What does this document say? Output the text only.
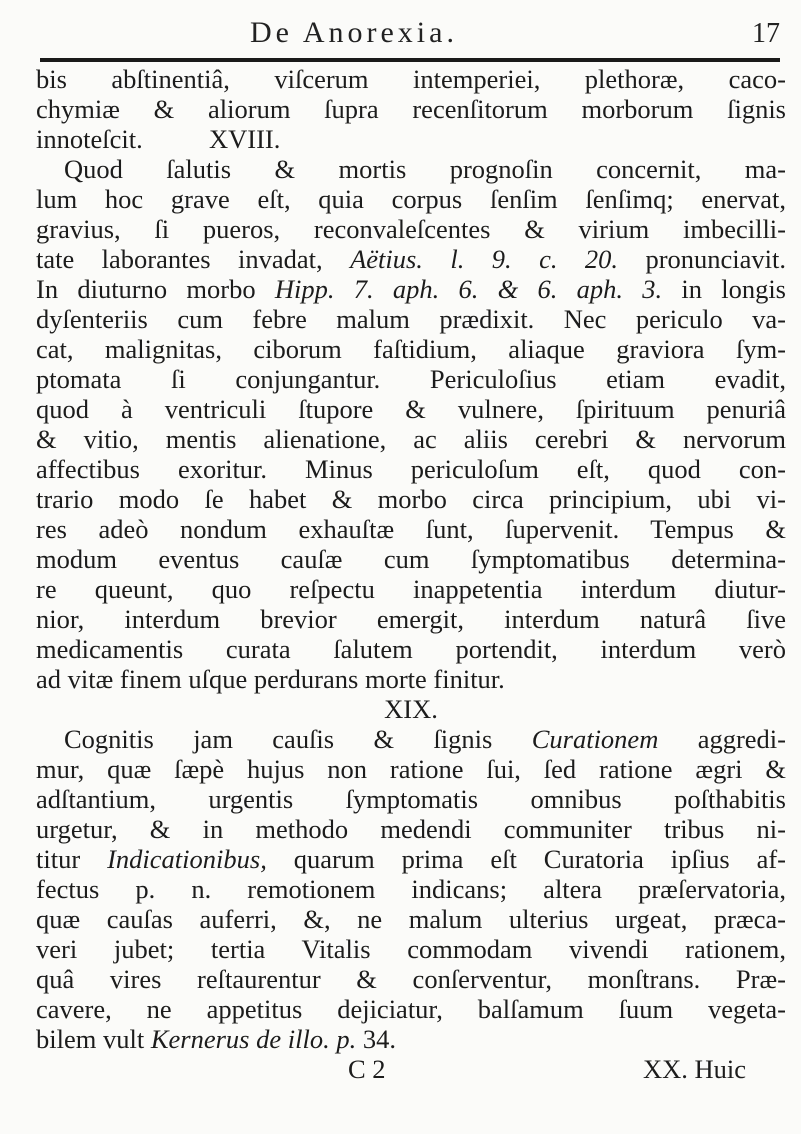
De Anorexia.	17
bis abſtinentiâ, viſcerum intemperiei, plethoræ, caco-
chymiæ & aliorum ſupra recenſitorum morborum ſignis
innoteſcit.          XVIII.
Quod ſalutis & mortis prognoſin concernit, ma-
lum hoc grave eſt, quia corpus ſenſim ſenſimq; enervat,
gravius, ſi pueros, reconvaleſcentes & virium imbecilli-
tate laborantes invadat, Aëtius. l. 9. c. 20. pronunciavit.
In diuturno morbo Hipp. 7. aph. 6. & 6. aph. 3. in longis
dyſenteriis cum febre malum prædixit. Nec periculo va-
cat, malignitas, ciborum faſtidium, aliaque graviora ſym-
ptomata ſi conjungantur. Periculoſius etiam evadit,
quod à ventriculi ſtupore & vulnere, ſpirituum penuriâ
& vitio, mentis alienatione, ac aliis cerebri & nervorum
affectibus exoritur. Minus periculoſum eſt, quod con-
trario modo ſe habet & morbo circa principium, ubi vi-
res adeò nondum exhauſtæ ſunt, ſupervenit. Tempus &
modum eventus cauſæ cum ſymptomatibus determina-
re queunt, quo reſpectu inappetentia interdum diutur-
nior, interdum brevior emergit, interdum naturâ ſive
medicamentis curata ſalutem portendit, interdum verò
ad vitæ finem uſque perdurans morte finitur.
XIX.
Cognitis jam cauſis & ſignis Curationem aggredi-
mur, quæ ſæpè hujus non ratione ſui, ſed ratione ægri &
adſtantium, urgentis ſymptomatis omnibus poſthabitis
urgetur, & in methodo medendi communiter tribus ni-
titur Indicationibus, quarum prima eſt Curatoria ipſius af-
fectus p. n. remotionem indicans; altera præſervatoria,
quæ cauſas auferri, &, ne malum ulterius urgeat, præca-
veri jubet; tertia Vitalis commodam vivendi rationem,
quâ vires reſtaurentur & conſerventur, monſtrans. Præ-
cavere, ne appetitus dejiciatur, balſamum ſuum vegeta-
bilem vult Kernerus de illo. p. 34.
C 2	XX. Huic
